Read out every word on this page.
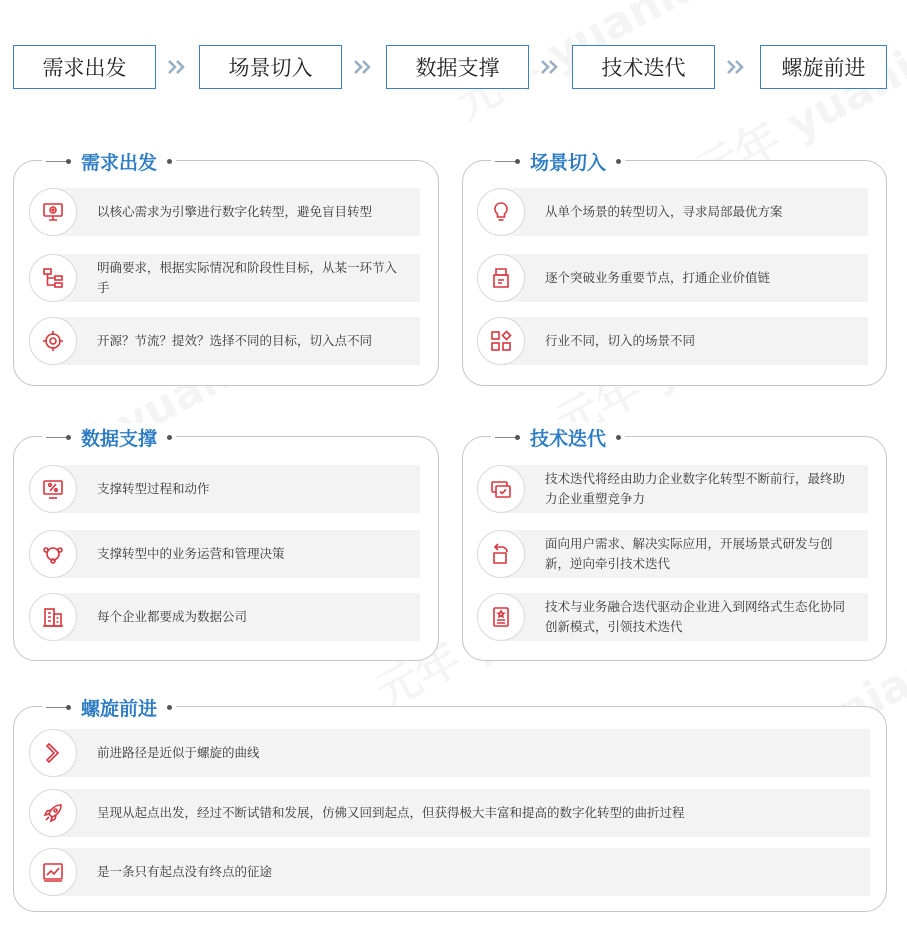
需求出发	场景切入	数据支撑	技术迭代	螺旋前进
需求出发
以核心需求为引擎进行数字化转型，避免盲目转型
明确要求，根据实际情况和阶段性目标，从某一环节入手
开源？节流？提效？选择不同的目标，切入点不同
场景切入
从单个场景的转型切入，寻求局部最优方案
逐个突破业务重要节点，打通企业价值链
行业不同，切入的场景不同
数据支撑
支撑转型过程和动作
支撑转型中的业务运营和管理决策
每个企业都要成为数据公司
技术迭代
技术迭代将经由助力企业数字化转型不断前行，最终助力企业重塑竞争力
面向用户需求、解决实际应用，开展场景式研发与创新，逆向牵引技术迭代
技术与业务融合迭代驱动企业进入到网络式生态化协同创新模式，引领技术迭代
螺旋前进
前进路径是近似于螺旋的曲线
呈现从起点出发，经过不断试错和发展，仿佛又回到起点，但获得极大丰富和提高的数字化转型的曲折过程
是一条只有起点没有终点的征途
